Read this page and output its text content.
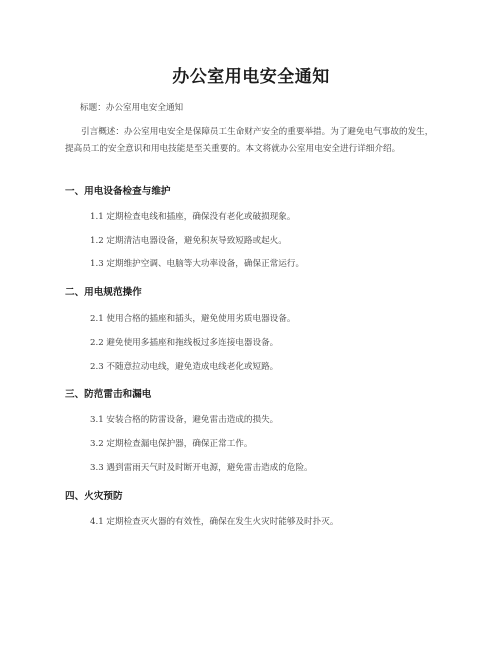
办公室用电安全通知
标题：办公室用电安全通知
引言概述：办公室用电安全是保障员工生命财产安全的重要举措。为了避免电气事故的发生，提高员工的安全意识和用电技能是至关重要的。本文将就办公室用电安全进行详细介绍。
一、用电设备检查与维护
1.1 定期检查电线和插座，确保没有老化或破损现象。
1.2 定期清洁电器设备，避免积灰导致短路或起火。
1.3 定期维护空调、电脑等大功率设备，确保正常运行。
二、用电规范操作
2.1 使用合格的插座和插头，避免使用劣质电器设备。
2.2 避免使用多插座和拖线板过多连接电器设备。
2.3 不随意拉动电线，避免造成电线老化或短路。
三、防范雷击和漏电
3.1 安装合格的防雷设备，避免雷击造成的损失。
3.2 定期检查漏电保护器，确保正常工作。
3.3 遇到雷雨天气时及时断开电源，避免雷击造成的危险。
四、火灾预防
4.1 定期检查灭火器的有效性，确保在发生火灾时能够及时扑灭。
